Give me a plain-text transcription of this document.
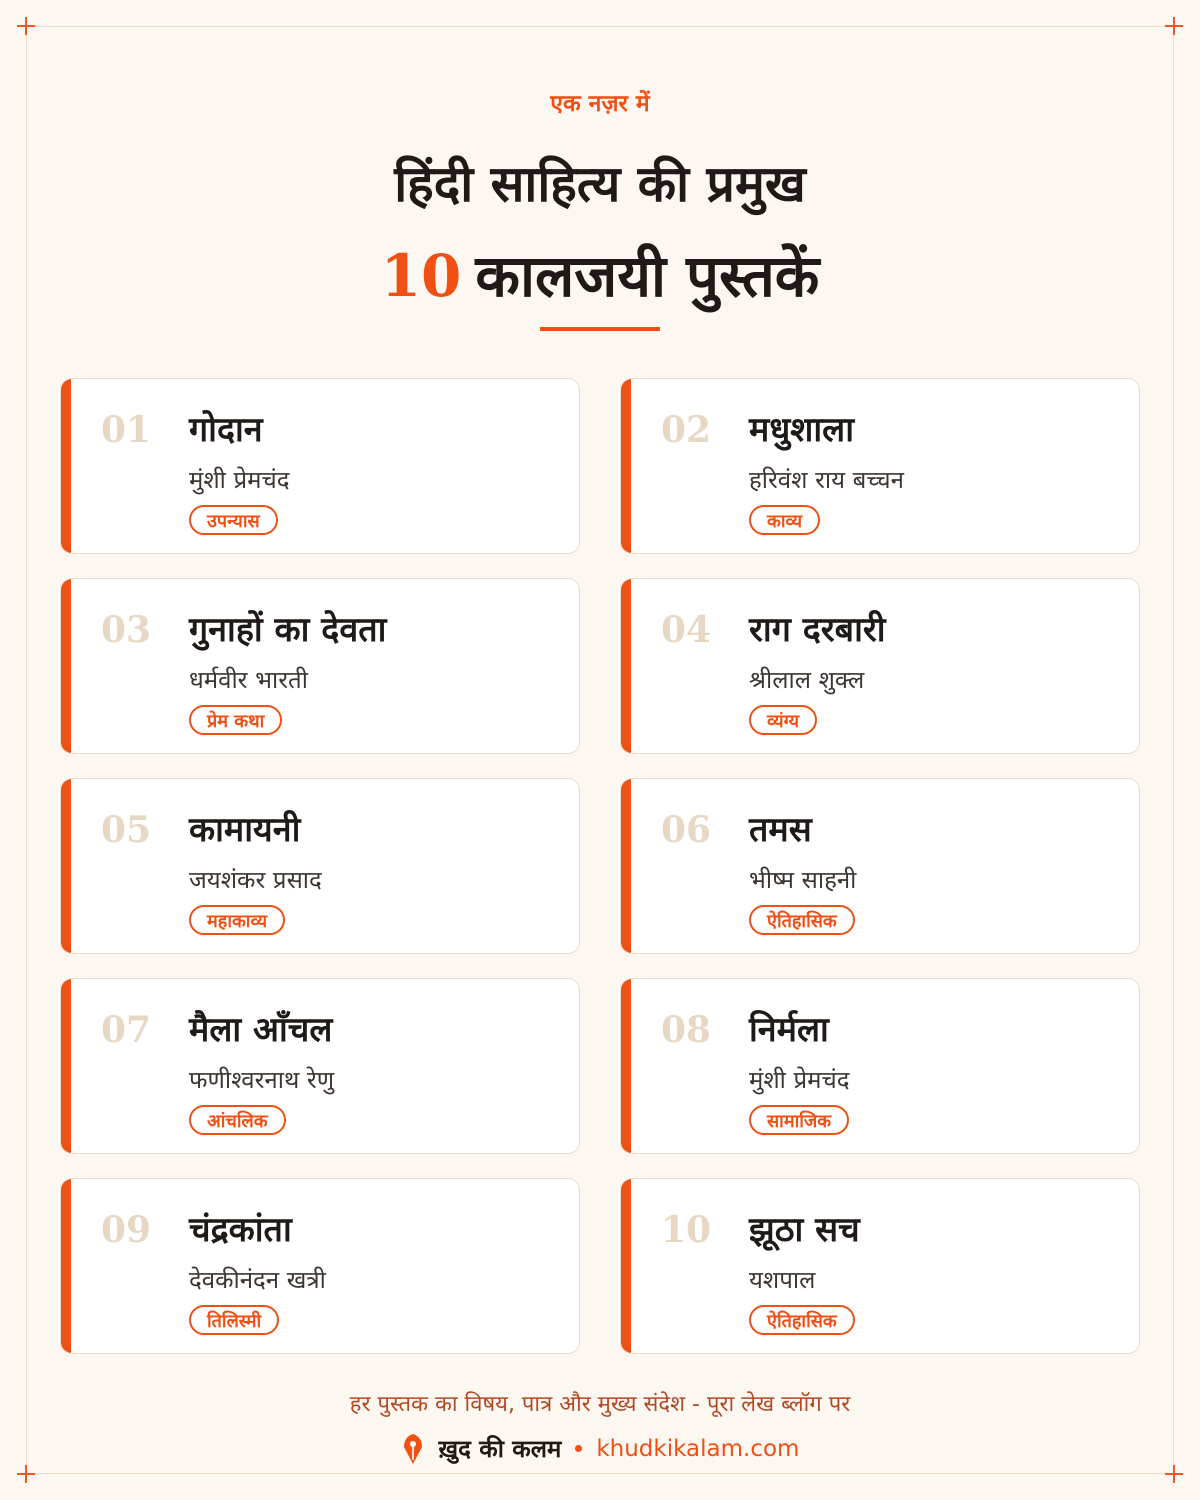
एक नज़र में
हिंदी साहित्य की प्रमुख
10 कालजयी पुस्तकें
01 गोदान
मुंशी प्रेमचंद
उपन्यास
02 मधुशाला
हरिवंश राय बच्चन
काव्य
03 गुनाहों का देवता
धर्मवीर भारती
प्रेम कथा
04 राग दरबारी
श्रीलाल शुक्ल
व्यंग्य
05 कामायनी
जयशंकर प्रसाद
महाकाव्य
06 तमस
भीष्म साहनी
ऐतिहासिक
07 मैला आँचल
फणीश्वरनाथ रेणु
आंचलिक
08 निर्मला
मुंशी प्रेमचंद
सामाजिक
09 चंद्रकांता
देवकीनंदन खत्री
तिलिस्मी
10 झूठा सच
यशपाल
ऐतिहासिक
हर पुस्तक का विषय, पात्र और मुख्य संदेश - पूरा लेख ब्लॉग पर
ख़ुद की कलम khudkikalam.com
